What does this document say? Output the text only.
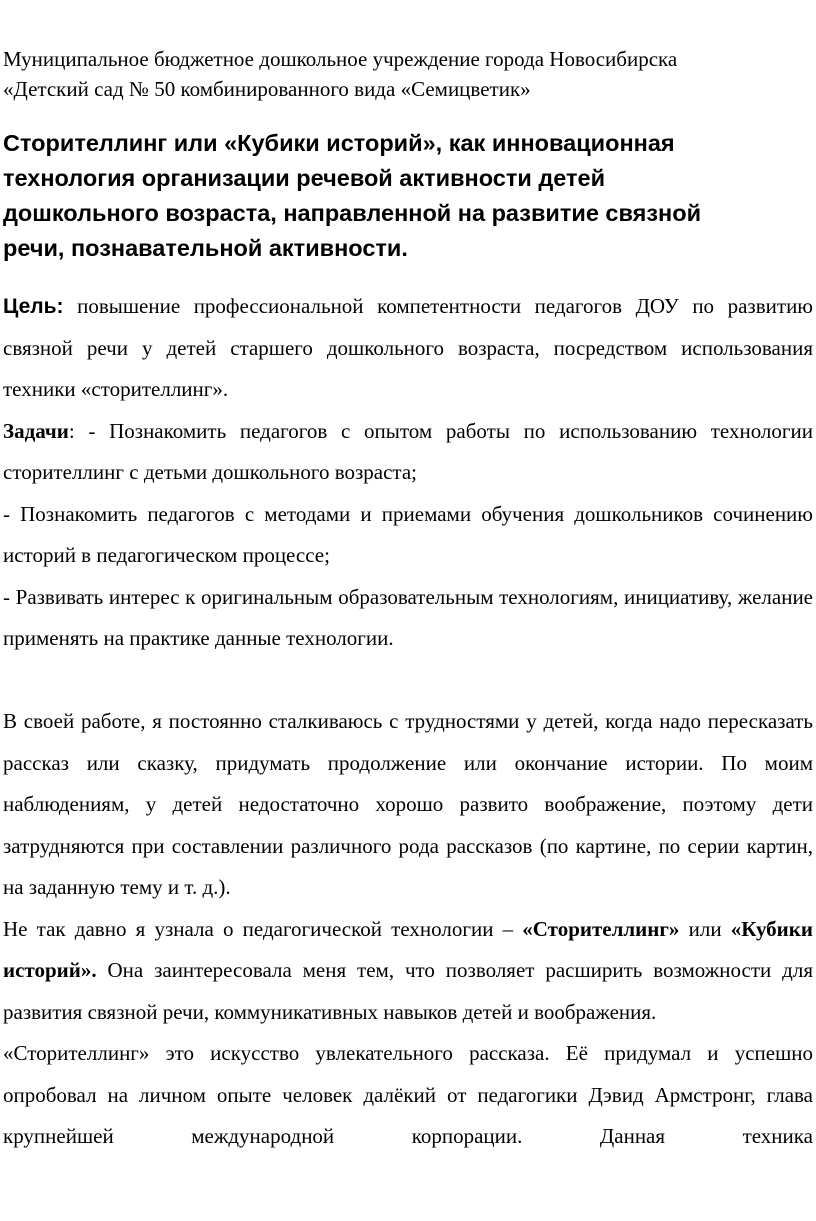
Муниципальное бюджетное дошкольное учреждение города Новосибирска

«Детский сад № 50 комбинированного вида «Семицветик»

Сторителлинг или «Кубики историй», как инновационная
технология организации речевой активности детей
дошкольного возраста, направленной на развитие связной
речи, познавательной активности.

Цель: повышение профессиональной компетентности педагогов ДОУ по развитию связной речи у детей старшего дошкольного возраста, посредством использования техники «сторителлинг».

Задачи: - Познакомить педагогов с опытом работы по использованию технологии сторителлинг с детьми дошкольного возраста;

- Познакомить педагогов с методами и приемами обучения дошкольников сочинению историй в педагогическом процессе;

- Развивать интерес к оригинальным образовательным технологиям, инициативу, желание применять на практике данные технологии.

В своей работе, я постоянно сталкиваюсь с трудностями у детей, когда надо пересказать рассказ или сказку, придумать продолжение или окончание истории. По моим наблюдениям, у детей недостаточно хорошо развито воображение, поэтому дети затрудняются при составлении различного рода рассказов (по картине, по серии картин, на заданную тему и т. д.).

Не так давно я узнала о педагогической технологии – «Сторителлинг» или «Кубики историй». Она заинтересовала меня тем, что позволяет расширить возможности для развития связной речи, коммуникативных навыков детей и воображения.

«Сторителлинг» это искусство увлекательного рассказа. Её придумал и успешно опробовал на личном опыте человек далёкий от педагогики Дэвид Армстронг, глава крупнейшей международной корпорации. Данная техника
